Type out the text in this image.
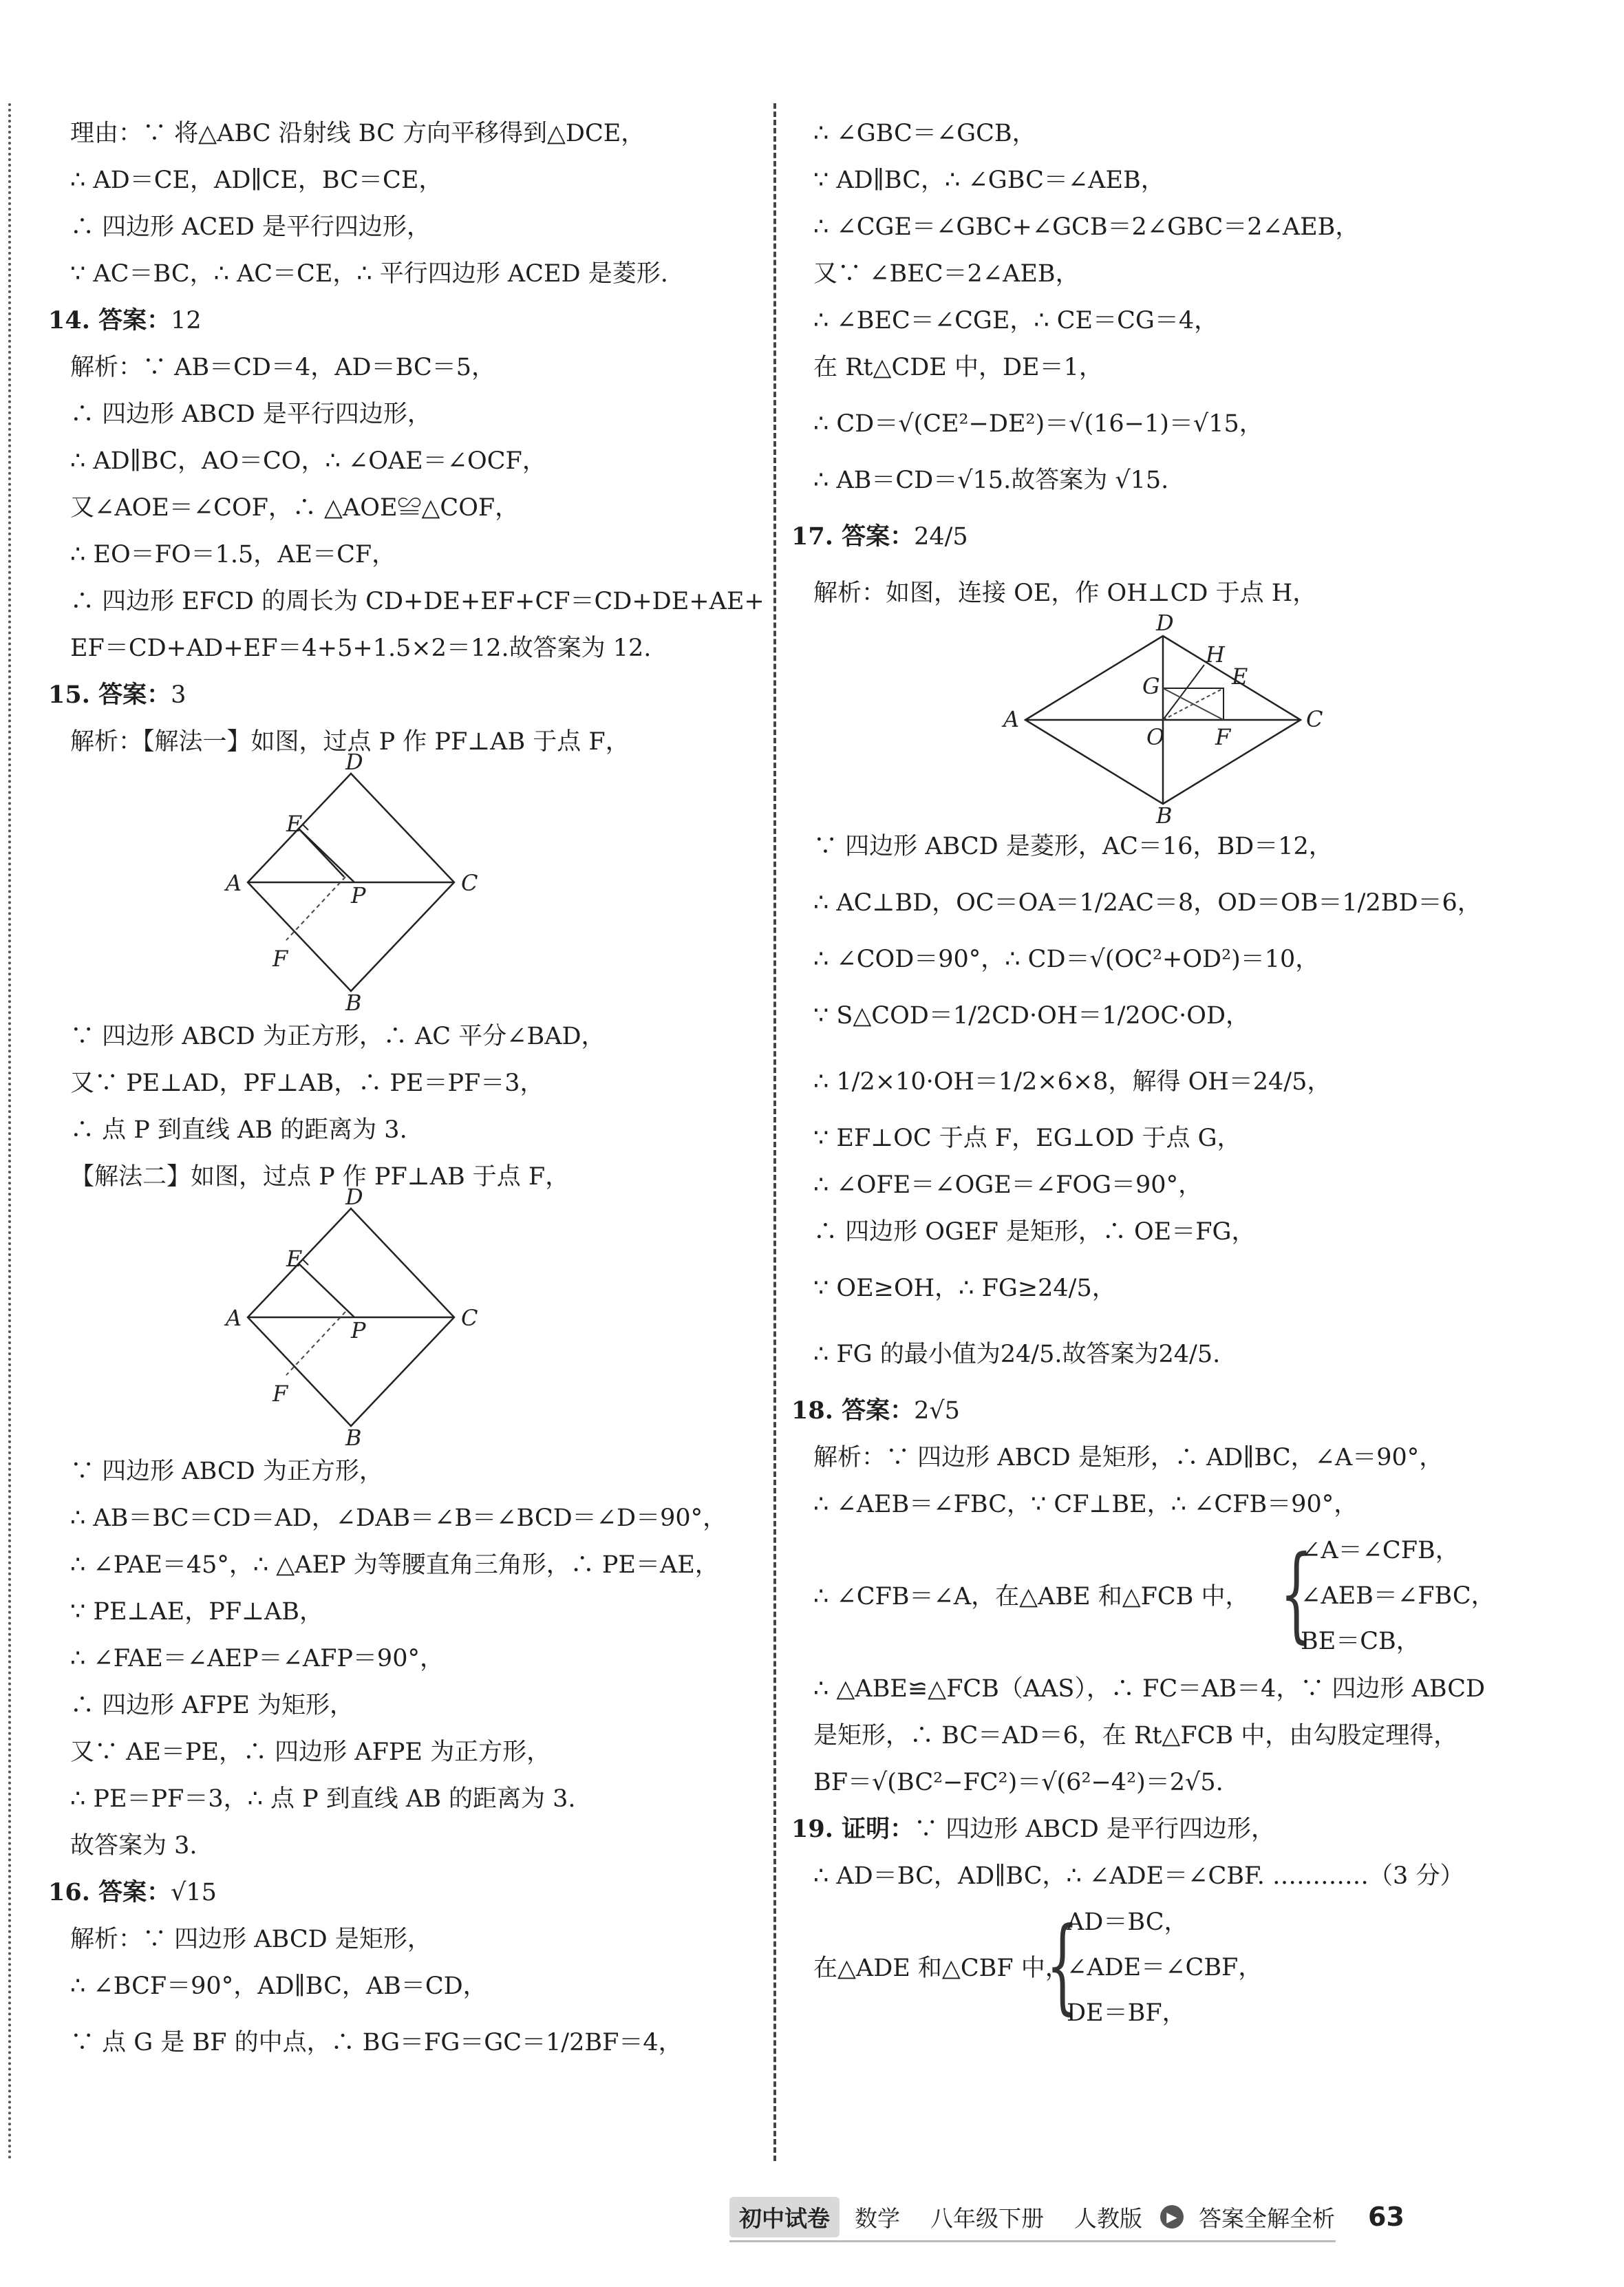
理由：∵ 将△ABC 沿射线 BC 方向平移得到△DCE，
∴ AD＝CE，AD∥CE，BC＝CE，
∴ 四边形 ACED 是平行四边形，
∵ AC＝BC，∴ AC＝CE，∴ 平行四边形 ACED 是菱形.
14. 答案：12
解析：∵ AB＝CD＝4，AD＝BC＝5，
∴ 四边形 ABCD 是平行四边形，
∴ AD∥BC，AO＝CO，∴ ∠OAE＝∠OCF，
又∠AOE＝∠COF，∴ △AOE≌△COF，
∴ EO＝FO＝1.5，AE＝CF，
∴ 四边形 EFCD 的周长为 CD+DE+EF+CF＝CD+DE+AE+
EF＝CD+AD+EF＝4+5+1.5×2＝12.故答案为 12.
15. 答案：3
解析：【解法一】如图，过点 P 作 PF⊥AB 于点 F，
D
E
A	C
P
F
B
∵ 四边形 ABCD 为正方形，∴ AC 平分∠BAD，
又∵ PE⊥AD，PF⊥AB，∴ PE＝PF＝3，
∴ 点 P 到直线 AB 的距离为 3.
【解法二】如图，过点 P 作 PF⊥AB 于点 F，
D
E
A	C
P
F
B
∵ 四边形 ABCD 为正方形，
∴ AB＝BC＝CD＝AD，∠DAB＝∠B＝∠BCD＝∠D＝90°，
∴ ∠PAE＝45°，∴ △AEP 为等腰直角三角形，∴ PE＝AE，
∵ PE⊥AE，PF⊥AB，
∴ ∠FAE＝∠AEP＝∠AFP＝90°，
∴ 四边形 AFPE 为矩形，
又∵ AE＝PE，∴ 四边形 AFPE 为正方形，
∴ PE＝PF＝3，∴ 点 P 到直线 AB 的距离为 3.
故答案为 3.
16. 答案：√15
解析：∵ 四边形 ABCD 是矩形，
∴ ∠BCF＝90°，AD∥BC，AB＝CD，
∵ 点 G 是 BF 的中点，∴ BG＝FG＝GC＝1/2BF＝4，
∴ ∠GBC＝∠GCB，
∵ AD∥BC，∴ ∠GBC＝∠AEB，
∴ ∠CGE＝∠GBC+∠GCB＝2∠GBC＝2∠AEB，
又∵ ∠BEC＝2∠AEB，
∴ ∠BEC＝∠CGE，∴ CE＝CG＝4，
在 Rt△CDE 中，DE＝1，
∴ CD＝√(CE²−DE²)＝√(16−1)＝√15，
∴ AB＝CD＝√15.故答案为 √15.
17. 答案：24/5
解析：如图，连接 OE，作 OH⊥CD 于点 H，
D
H
E
G
A	C
O F
B
∵ 四边形 ABCD 是菱形，AC＝16，BD＝12，
∴ AC⊥BD，OC＝OA＝1/2AC＝8，OD＝OB＝1/2BD＝6，
∴ ∠COD＝90°，∴ CD＝√(OC²+OD²)＝10，
∵ S△COD＝1/2CD·OH＝1/2OC·OD，
∴ 1/2×10·OH＝1/2×6×8，解得 OH＝24/5，
∵ EF⊥OC 于点 F，EG⊥OD 于点 G，
∴ ∠OFE＝∠OGE＝∠FOG＝90°，
∴ 四边形 OGEF 是矩形，∴ OE＝FG，
∵ OE≥OH，∴ FG≥24/5，
∴ FG 的最小值为24/5.故答案为24/5.
18. 答案：2√5
解析：∵ 四边形 ABCD 是矩形，∴ AD∥BC，∠A＝90°，
∴ ∠AEB＝∠FBC，∵ CF⊥BE，∴ ∠CFB＝90°，
∴ ∠CFB＝∠A，在△ABE 和△FCB 中， {
∠A＝∠CFB，
∠AEB＝∠FBC，
BE＝CB，
∴ △ABE≌△FCB（AAS），∴ FC＝AB＝4，∵ 四边形 ABCD
是矩形，∴ BC＝AD＝6，在 Rt△FCB 中，由勾股定理得，
BF＝√(BC²−FC²)＝√(6²−4²)＝2√5.
19. 证明：∵ 四边形 ABCD 是平行四边形，
∴ AD＝BC，AD∥BC，∴ ∠ADE＝∠CBF. …………（3 分）
在△ADE 和△CBF 中，
{
AD＝BC，
∠ADE＝∠CBF，
DE＝BF，
初中试卷	数学	八年级下册	人教版	▶ 答案全解全析	63
